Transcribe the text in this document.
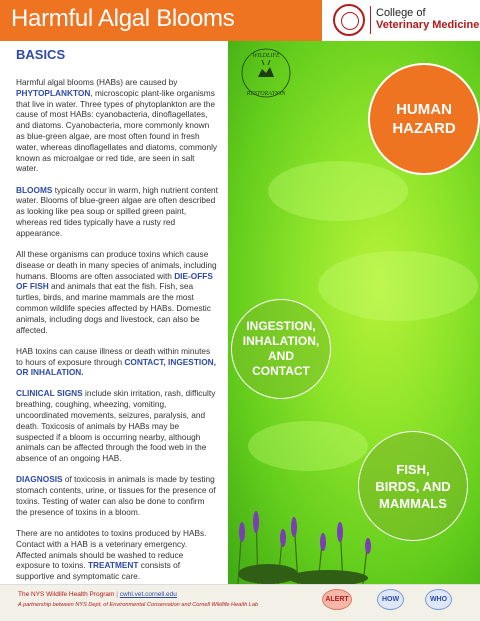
Harmful Algal Blooms	College of
Veterinary Medicine
BASICS

Harmful algal blooms (HABs) are caused by PHYTOPLANKTON, microscopic plant-like organisms that live in water. Three types of phytoplankton are the cause of most HABs: cyanobacteria, dinoflagellates, and diatoms. Cyanobacteria, more commonly known as blue-green algae, are most often found in fresh water, whereas dinoflagellates and diatoms, commonly known as microalgae or red tide, are seen in salt water.

BLOOMS typically occur in warm, high nutrient content water. Blooms of blue-green algae are often described as looking like pea soup or spilled green paint, whereas red tides typically have a rusty red appearance.

All these organisms can produce toxins which cause disease or death in many species of animals, including humans. Blooms are often associated with DIE-OFFS OF FISH and animals that eat the fish. Fish, sea turtles, birds, and marine mammals are the most common wildlife species affected by HABs. Domestic animals, including dogs and livestock, can also be affected.

HAB toxins can cause illness or death within minutes to hours of exposure through CONTACT, INGESTION, OR INHALATION.

CLINICAL SIGNS include skin irritation, rash, difficulty breathing, coughing, wheezing, vomiting, uncoordinated movements, seizures, paralysis, and death. Toxicosis of animals by HABs may be suspected if a bloom is occurring nearby, although animals can be affected through the food web in the absence of an ongoing HAB.

DIAGNOSIS of toxicosis in animals is made by testing stomach contents, urine, or tissues for the presence of toxins. Testing of water can also be done to confirm the presence of toxins in a bloom.

There are no antidotes to toxins produced by HABs. Contact with a HAB is a veterinary emergency. Affected animals should be washed to reduce exposure to toxins. TREATMENT consists of supportive and symptomatic care.

WILDLIFE
RESTORATION
HUMAN
HAZARD
INGESTION,
INHALATION,
AND
CONTACT
FISH,
BIRDS, AND
MAMMALS
The NYS Wildlife Health Program | cwhl.vet.cornell.edu
A partnership between NYS Dept. of Environmental Conservation and Cornell Wildlife Health Lab
ALERT	HOW	WHO
